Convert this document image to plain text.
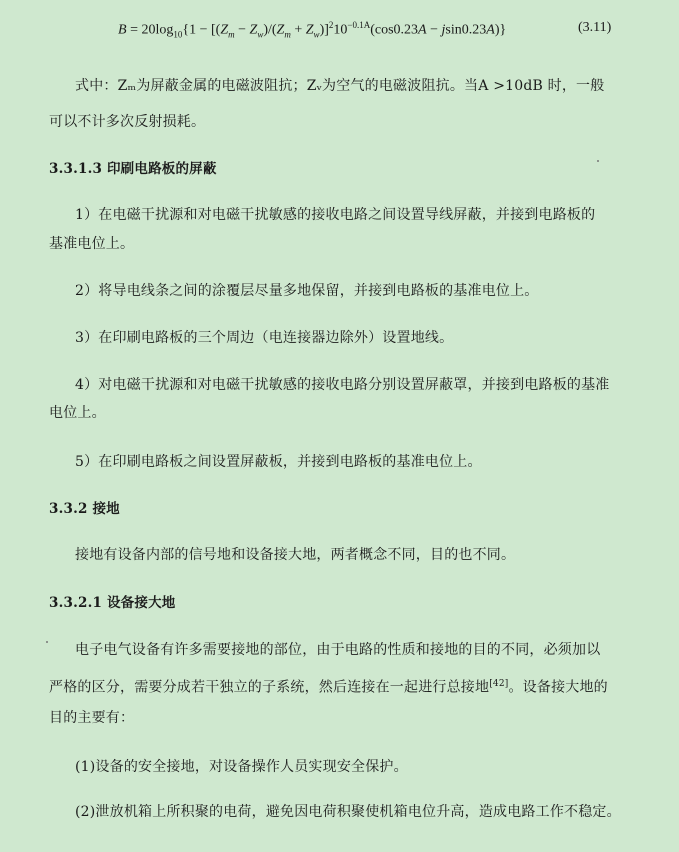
$B = 20\log_{10}\{1 - [(Z_m - Z_w)/(Z_m + Z_w)]^210^{-0.1A}(\cos 0.23A - jsin0.23A)\}$	(3.11)
式中：Zₘ为屏蔽金属的电磁波阻抗；Zᵥ为空气的电磁波阻抗。当A >10dB 时，一般
可以不计多次反射损耗。
3.3.1.3 印刷电路板的屏蔽
1）在电磁干扰源和对电磁干扰敏感的接收电路之间设置导线屏蔽，并接到电路板的
基准电位上。
2）将导电线条之间的涂覆层尽量多地保留，并接到电路板的基准电位上。
3）在印刷电路板的三个周边（电连接器边除外）设置地线。
4）对电磁干扰源和对电磁干扰敏感的接收电路分别设置屏蔽罩，并接到电路板的基准
电位上。
5）在印刷电路板之间设置屏蔽板，并接到电路板的基准电位上。
3.3.2 接地
接地有设备内部的信号地和设备接大地，两者概念不同，目的也不同。
3.3.2.1 设备接大地
电子电气设备有许多需要接地的部位，由于电路的性质和接地的目的不同，必须加以
严格的区分，需要分成若干独立的子系统，然后连接在一起进行总接地[42]。设备接大地的
目的主要有：
(1)设备的安全接地，对设备操作人员实现安全保护。
(2)泄放机箱上所积聚的电荷，避免因电荷积聚使机箱电位升高，造成电路工作不稳定。
